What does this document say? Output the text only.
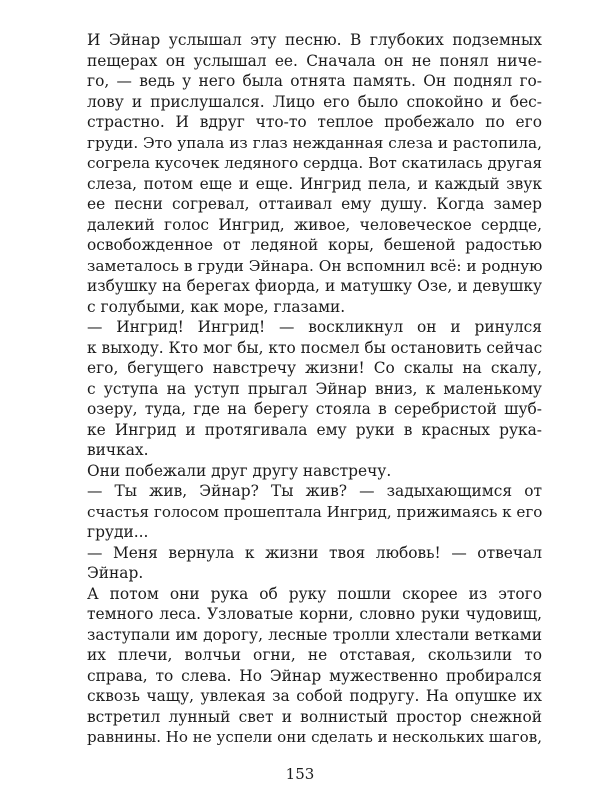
И Эйнар услышал эту песню. В глубоких подземных
пещерах он услышал ее. Сначала он не понял ниче-
го, — ведь у него была отнята память. Он поднял го-
лову и прислушался. Лицо его было спокойно и бес-
страстно. И вдруг что-то теплое пробежало по его
груди. Это упала из глаз нежданная слеза и растопила,
согрела кусочек ледяного сердца. Вот скатилась другая
слеза, потом еще и еще. Ингрид пела, и каждый звук
ее песни согревал, оттаивал ему душу. Когда замер
далекий голос Ингрид, живое, человеческое сердце,
освобожденное от ледяной коры, бешеной радостью
заметалось в груди Эйнара. Он вспомнил всё: и родную
избушку на берегах фиорда, и матушку Озе, и девушку
с голубыми, как море, глазами.
— Ингрид! Ингрид! — воскликнул он и ринулся
к выходу. Кто мог бы, кто посмел бы остановить сейчас
его, бегущего навстречу жизни! Со скалы на скалу,
с уступа на уступ прыгал Эйнар вниз, к маленькому
озеру, туда, где на берегу стояла в серебристой шуб-
ке Ингрид и протягивала ему руки в красных рука-
вичках.
Они побежали друг другу навстречу.
— Ты жив, Эйнар? Ты жив? — задыхающимся от
счастья голосом прошептала Ингрид, прижимаясь к его
груди...
— Меня вернула к жизни твоя любовь! — отвечал
Эйнар.
А потом они рука об руку пошли скорее из этого
темного леса. Узловатые корни, словно руки чудовищ,
заступали им дорогу, лесные тролли хлестали ветками
их плечи, волчьи огни, не отставая, скользили то
справа, то слева. Но Эйнар мужественно пробирался
сквозь чащу, увлекая за собой подругу. На опушке их
встретил лунный свет и волнистый простор снежной
равнины. Но не успели они сделать и нескольких шагов,
153
